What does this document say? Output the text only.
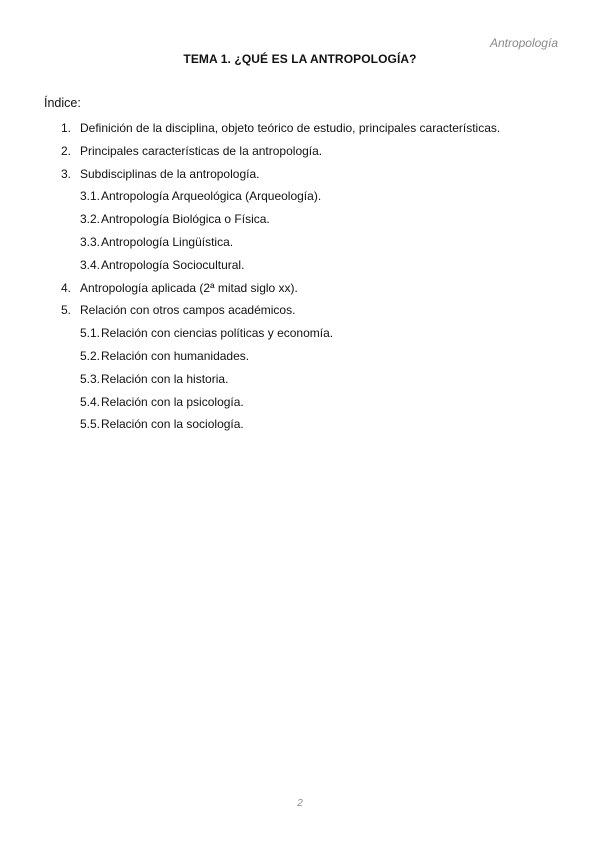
Antropología
TEMA 1. ¿QUÉ ES LA ANTROPOLOGÍA?
Índice:
1. Definición de la disciplina, objeto teórico de estudio, principales características.
2. Principales características de la antropología.
3. Subdisciplinas de la antropología.
3.1. Antropología Arqueológica (Arqueología).
3.2. Antropología Biológica o Física.
3.3. Antropología Lingüística.
3.4. Antropología Sociocultural.
4. Antropología aplicada (2ª mitad siglo xx).
5. Relación con otros campos académicos.
5.1. Relación con ciencias políticas y economía.
5.2. Relación con humanidades.
5.3. Relación con la historia.
5.4. Relación con la psicología.
5.5. Relación con la sociología.
2
